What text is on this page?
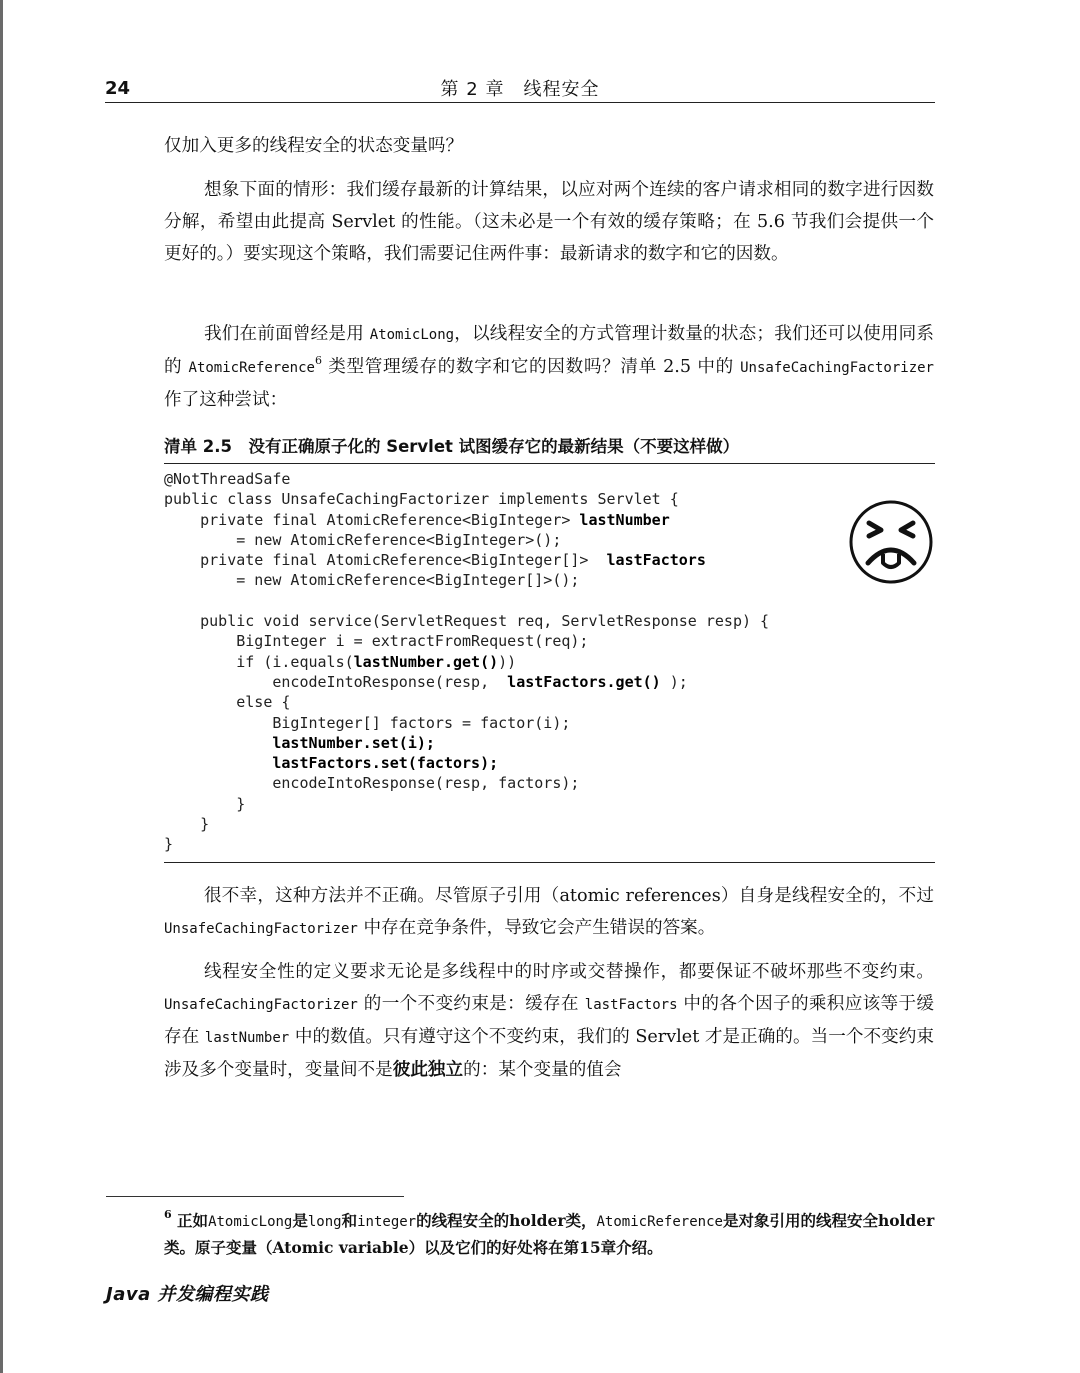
24	第 2 章　线程安全

仅加入更多的线程安全的状态变量吗？

想象下面的情形：我们缓存最新的计算结果，以应对两个连续的客户请求相同的数字进行因数分解，希望由此提高 Servlet 的性能。（这未必是一个有效的缓存策略；在 5.6 节我们会提供一个更好的。）要实现这个策略，我们需要记住两件事：最新请求的数字和它的因数。

我们在前面曾经是用 AtomicLong，以线程安全的方式管理计数量的状态；我们还可以使用同系的 AtomicReference$^6$ 类型管理缓存的数字和它的因数吗？清单 2.5 中的 UnsafeCachingFactorizer 作了这种尝试：

清单 2.5　没有正确原子化的 Servlet 试图缓存它的最新结果（不要这样做）
@NotThreadSafe
public class UnsafeCachingFactorizer implements Servlet {
private final AtomicReference<BigInteger> lastNumber
= new AtomicReference<BigInteger>();
private final AtomicReference<BigInteger[]>  lastFactors
= new AtomicReference<BigInteger[]>();

public void service(ServletRequest req, ServletResponse resp) {
BigInteger i = extractFromRequest(req);
if (i.equals(lastNumber.get()))
encodeIntoResponse(resp,  lastFactors.get() );
else {
BigInteger[] factors = factor(i);
lastNumber.set(i);
lastFactors.set(factors);
encodeIntoResponse(resp, factors);
}
}
}

很不幸，这种方法并不正确。尽管原子引用（atomic references）自身是线程安全的，不过 UnsafeCachingFactorizer 中存在竞争条件，导致它会产生错误的答案。

线程安全性的定义要求无论是多线程中的时序或交替操作，都要保证不破坏那些不变约束。UnsafeCachingFactorizer 的一个不变约束是：缓存在 lastFactors 中的各个因子的乘积应该等于缓存在 lastNumber 中的数值。只有遵守这个不变约束，我们的 Servlet 才是正确的。当一个不变约束涉及多个变量时，变量间不是彼此独立的：某个变量的值会

$^6$ 正如AtomicLong是long和integer的线程安全的holder类，AtomicReference是对象引用的线程安全holder类。原子变量（Atomic variable）以及它们的好处将在第15章介绍。

Java 并发编程实践
